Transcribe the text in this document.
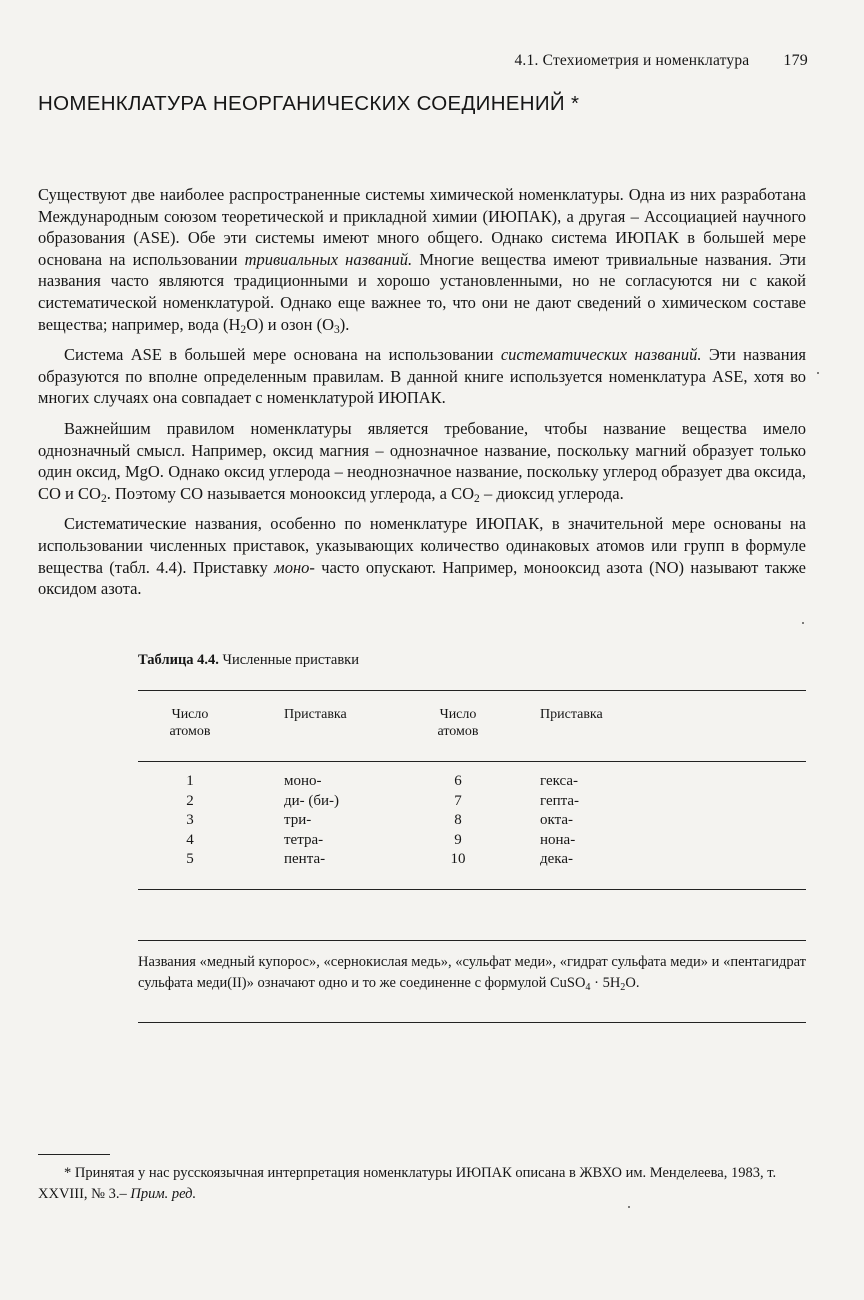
4.1. Стехиометрия и номенклатура 179
НОМЕНКЛАТУРА НЕОРГАНИЧЕСКИХ СОЕДИНЕНИЙ *

Существуют две наиболее распространенные системы химической номенклатуры. Одна из них разработана Международным союзом теоретической и прикладной химии (ИЮПАК), а другая – Ассоциацией научного образования (ASE). Обе эти системы имеют много общего. Однако система ИЮПАК в большей мере основана на использовании тривиальных названий. Многие вещества имеют тривиальные названия. Эти названия часто являются традиционными и хорошо установленными, но не согласуются ни с какой систематической номенклатурой. Однако еще важнее то, что они не дают сведений о химическом составе вещества; например, вода $(H_2O)$ и озон $(O_3)$.

Система ASE в большей мере основана на использовании систематических названий. Эти названия образуются по вполне определенным правилам. В данной книге используется номенклатура ASE, хотя во многих случаях она совпадает с номенклатурой ИЮПАК.

Важнейшим правилом номенклатуры является требование, чтобы название вещества имело однозначный смысл. Например, оксид магния – однозначное название, поскольку магний образует только один оксид, MgO. Однако оксид углерода – неоднозначное название, поскольку углерод образует два оксида, CO и $CO_2$. Поэтому CO называется монооксид углерода, а $CO_2$ – диоксид углерода.

Систематические названия, особенно по номенклатуре ИЮПАК, в значительной мере основаны на использовании численных приставок, указывающих количество одинаковых атомов или групп в формуле вещества (табл. 4.4). Приставку моно- часто опускают. Например, монооксид азота (NO) называют также оксидом азота.

Таблица 4.4. Численные приставки
Число
атомов
Приставка	Число
атомов
Приставка
1
2
3
4
5
моно-
ди- (би-)
три-
тетра-
пента-
6
7
8
9
10
гекса-
гепта-
окта-
нона-
дека-
Названия «медный купорос», «сернокислая медь», «сульфат меди», «гидрат сульфата меди» и «пентагидрат сульфата меди(II)» означают одно и то же соединенне с формулой CuSO$_4$ · $5H_2O$.

* Принятая у нас русскоязычная интерпретация номенклатуры ИЮПАК описана в ЖВХО им. Менделеева, 1983, т. XXVIII, № 3.– Прим. ред.
